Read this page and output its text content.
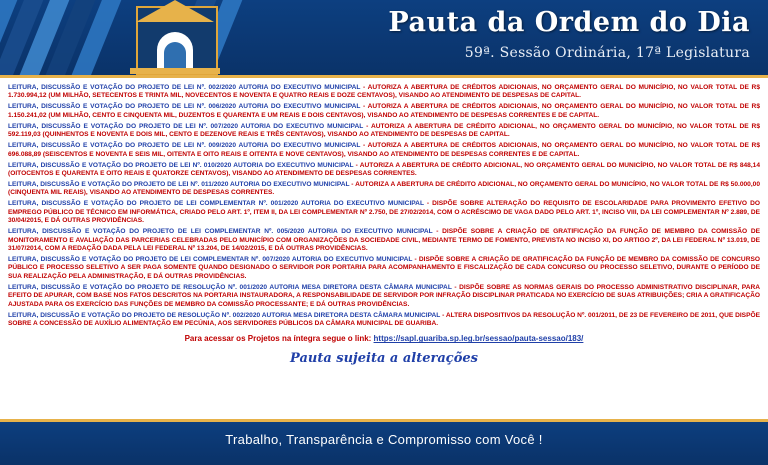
Pauta da Ordem do Dia
59ª. Sessão Ordinária, 17ª Legislatura
LEITURA, DISCUSSÃO E VOTAÇÃO DO PROJETO DE LEI Nº. 002/2020 AUTORIA DO EXECUTIVO MUNICIPAL - AUTORIZA A ABERTURA DE CRÉDITOS ADICIONAIS, NO ORÇAMENTO GERAL DO MUNICÍPIO, NO VALOR TOTAL DE R$ 1.730.994,12 (UM MILHÃO, SETECENTOS E TRINTA MIL, NOVECENTOS E NOVENTA E QUATRO REAIS E DOZE CENTAVOS), VISANDO AO ATENDIMENTO DE DESPESAS DE CAPITAL.
LEITURA, DISCUSSÃO E VOTAÇÃO DO PROJETO DE LEI Nº. 006/2020 AUTORIA DO EXECUTIVO MUNICIPAL - AUTORIZA A ABERTURA DE CRÉDITOS ADICIONAIS, NO ORÇAMENTO GERAL DO MUNICÍPIO, NO VALOR TOTAL DE R$ 1.150.241,02 (UM MILHÃO, CENTO E CINQUENTA MIL, DUZENTOS E QUARENTA E UM REAIS E DOIS CENTAVOS), VISANDO AO ATENDIMENTO DE DESPESAS CORRENTES E DE CAPITAL.
LEITURA, DISCUSSÃO E VOTAÇÃO DO PROJETO DE LEI Nº. 007/2020 AUTORIA DO EXECUTIVO MUNICIPAL - AUTORIZA A ABERTURA DE CRÉDITO ADICIONAL, NO ORÇAMENTO GERAL DO MUNICÍPIO, NO VALOR TOTAL DE R$ 592.119,03 (QUINHENTOS E NOVENTA E DOIS MIL, CENTO E DEZENOVE REAIS E TRÊS CENTAVOS), VISANDO AO ATENDIMENTO DE DESPESAS DE CAPITAL.
LEITURA, DISCUSSÃO E VOTAÇÃO DO PROJETO DE LEI Nº. 009/2020 AUTORIA DO EXECUTIVO MUNICIPAL - AUTORIZA A ABERTURA DE CRÉDITOS ADICIONAIS, NO ORÇAMENTO GERAL DO MUNICÍPIO, NO VALOR TOTAL DE R$ 696.088,89 (SEISCENTOS E NOVENTA E SEIS MIL, OITENTA E OITO REAIS E OITENTA E NOVE CENTAVOS), VISANDO AO ATENDIMENTO DE DESPESAS CORRENTES E DE CAPITAL.
LEITURA, DISCUSSÃO E VOTAÇÃO DO PROJETO DE LEI Nº. 010/2020 AUTORIA DO EXECUTIVO MUNICIPAL - AUTORIZA A ABERTURA DE CRÉDITO ADICIONAL, NO ORÇAMENTO GERAL DO MUNICÍPIO, NO VALOR TOTAL DE R$ 848,14 (OITOCENTOS E QUARENTA E OITO REAIS E QUATORZE CENTAVOS), VISANDO AO ATENDIMENTO DE DESPESAS CORRENTES.
LEITURA, DISCUSSÃO E VOTAÇÃO DO PROJETO DE LEI Nº. 011/2020 AUTORIA DO EXECUTIVO MUNICIPAL - AUTORIZA A ABERTURA DE CRÉDITO ADICIONAL, NO ORÇAMENTO GERAL DO MUNICÍPIO, NO VALOR TOTAL DE R$ 50.000,00 (CINQUENTA MIL REAIS), VISANDO AO ATENDIMENTO DE DESPESAS CORRENTES.
LEITURA, DISCUSSÃO E VOTAÇÃO DO PROJETO DE LEI COMPLEMENTAR Nº. 001/2020 AUTORIA DO EXECUTIVO MUNICIPAL - DISPÕE SOBRE ALTERAÇÃO DO REQUISITO DE ESCOLARIDADE PARA PROVIMENTO EFETIVO DO EMPREGO PÚBLICO DE TÉCNICO EM INFORMÁTICA, CRIADO PELO ART. 1º, ITEM II, DA LEI COMPLEMENTAR Nº 2.750, DE 27/02/2014, COM O ACRÉSCIMO DE VAGA DADO PELO ART. 1º, INCISO VIII, DA LEI COMPLEMENTAR Nº 2.889, DE 30/04/2015, E DÁ OUTRAS PROVIDÊNCIAS.
LEITURA, DISCUSSÃO E VOTAÇÃO DO PROJETO DE LEI COMPLEMENTAR Nº. 005/2020 AUTORIA DO EXECUTIVO MUNICIPAL - DISPÕE SOBRE A CRIAÇÃO DE GRATIFICAÇÃO DA FUNÇÃO DE MEMBRO DA COMISSÃO DE MONITORAMENTO E AVALIAÇÃO DAS PARCERIAS CELEBRADAS PELO MUNICÍPIO COM ORGANIZAÇÕES DA SOCIEDADE CIVIL, MEDIANTE TERMO DE FOMENTO, PREVISTA NO INCISO XI, DO ARTIGO 2º, DA LEI FEDERAL Nº 13.019, DE 31/07/2014, COM A REDAÇÃO DADA PELA LEI FEDERAL Nº 13.204, DE 14/02/2015, E DÁ OUTRAS PROVIDÊNCIAS.
LEITURA, DISCUSSÃO E VOTAÇÃO DO PROJETO DE LEI COMPLEMENTAR Nº. 007/2020 AUTORIA DO EXECUTIVO MUNICIPAL - DISPÕE SOBRE A CRIAÇÃO DE GRATIFICAÇÃO DA FUNÇÃO DE MEMBRO DA COMISSÃO DE CONCURSO PÚBLICO E PROCESSO SELETIVO A SER PAGA SOMENTE QUANDO DESIGNADO O SERVIDOR POR PORTARIA PARA ACOMPANHAMENTO E FISCALIZAÇÃO DE CADA CONCURSO OU PROCESSO SELETIVO, DURANTE O PERÍODO DE SUA REALIZAÇÃO PELA ADMINISTRAÇÃO, E DÁ OUTRAS PROVIDÊNCIAS.
LEITURA, DISCUSSÃO E VOTAÇÃO DO PROJETO DE RESOLUÇÃO Nº. 001/2020 AUTORIA MESA DIRETORA DESTA CÂMARA MUNICIPAL - DISPÕE SOBRE AS NORMAS GERAIS DO PROCESSO ADMINISTRATIVO DISCIPLINAR, PARA EFEITO DE APURAR, COM BASE NOS FATOS DESCRITOS NA PORTARIA INSTAURADORA, A RESPONSABILIDADE DE SERVIDOR POR INFRAÇÃO DISCIPLINAR PRATICADA NO EXERCÍCIO DE SUAS ATRIBUIÇÕES; CRIA A GRATIFICAÇÃO AJUSTADA PARA OS EXERCÍCIO DAS FUNÇÕES DE MEMBRO DA COMISSÃO PROCESSANTE; E DÁ OUTRAS PROVIDÊNCIAS.
LEITURA, DISCUSSÃO E VOTAÇÃO DO PROJETO DE RESOLUÇÃO Nº. 002/2020 AUTORIA MESA DIRETORA DESTA CÂMARA MUNICIPAL - ALTERA DISPOSITIVOS DA RESOLUÇÃO Nº. 001/2011, DE 23 DE FEVEREIRO DE 2011, QUE DISPÕE SOBRE A CONCESSÃO DE AUXÍLIO ALIMENTAÇÃO EM PECÚNIA, AOS SERVIDORES PÚBLICOS DA CÂMARA MUNICIPAL DE GUARIBA.
Para acessar os Projetos na íntegra segue o link: https://sapl.guariba.sp.leg.br/sessao/pauta-sessao/183/
Pauta sujeita a alterações
Trabalho, Transparência e Compromisso com Você !
